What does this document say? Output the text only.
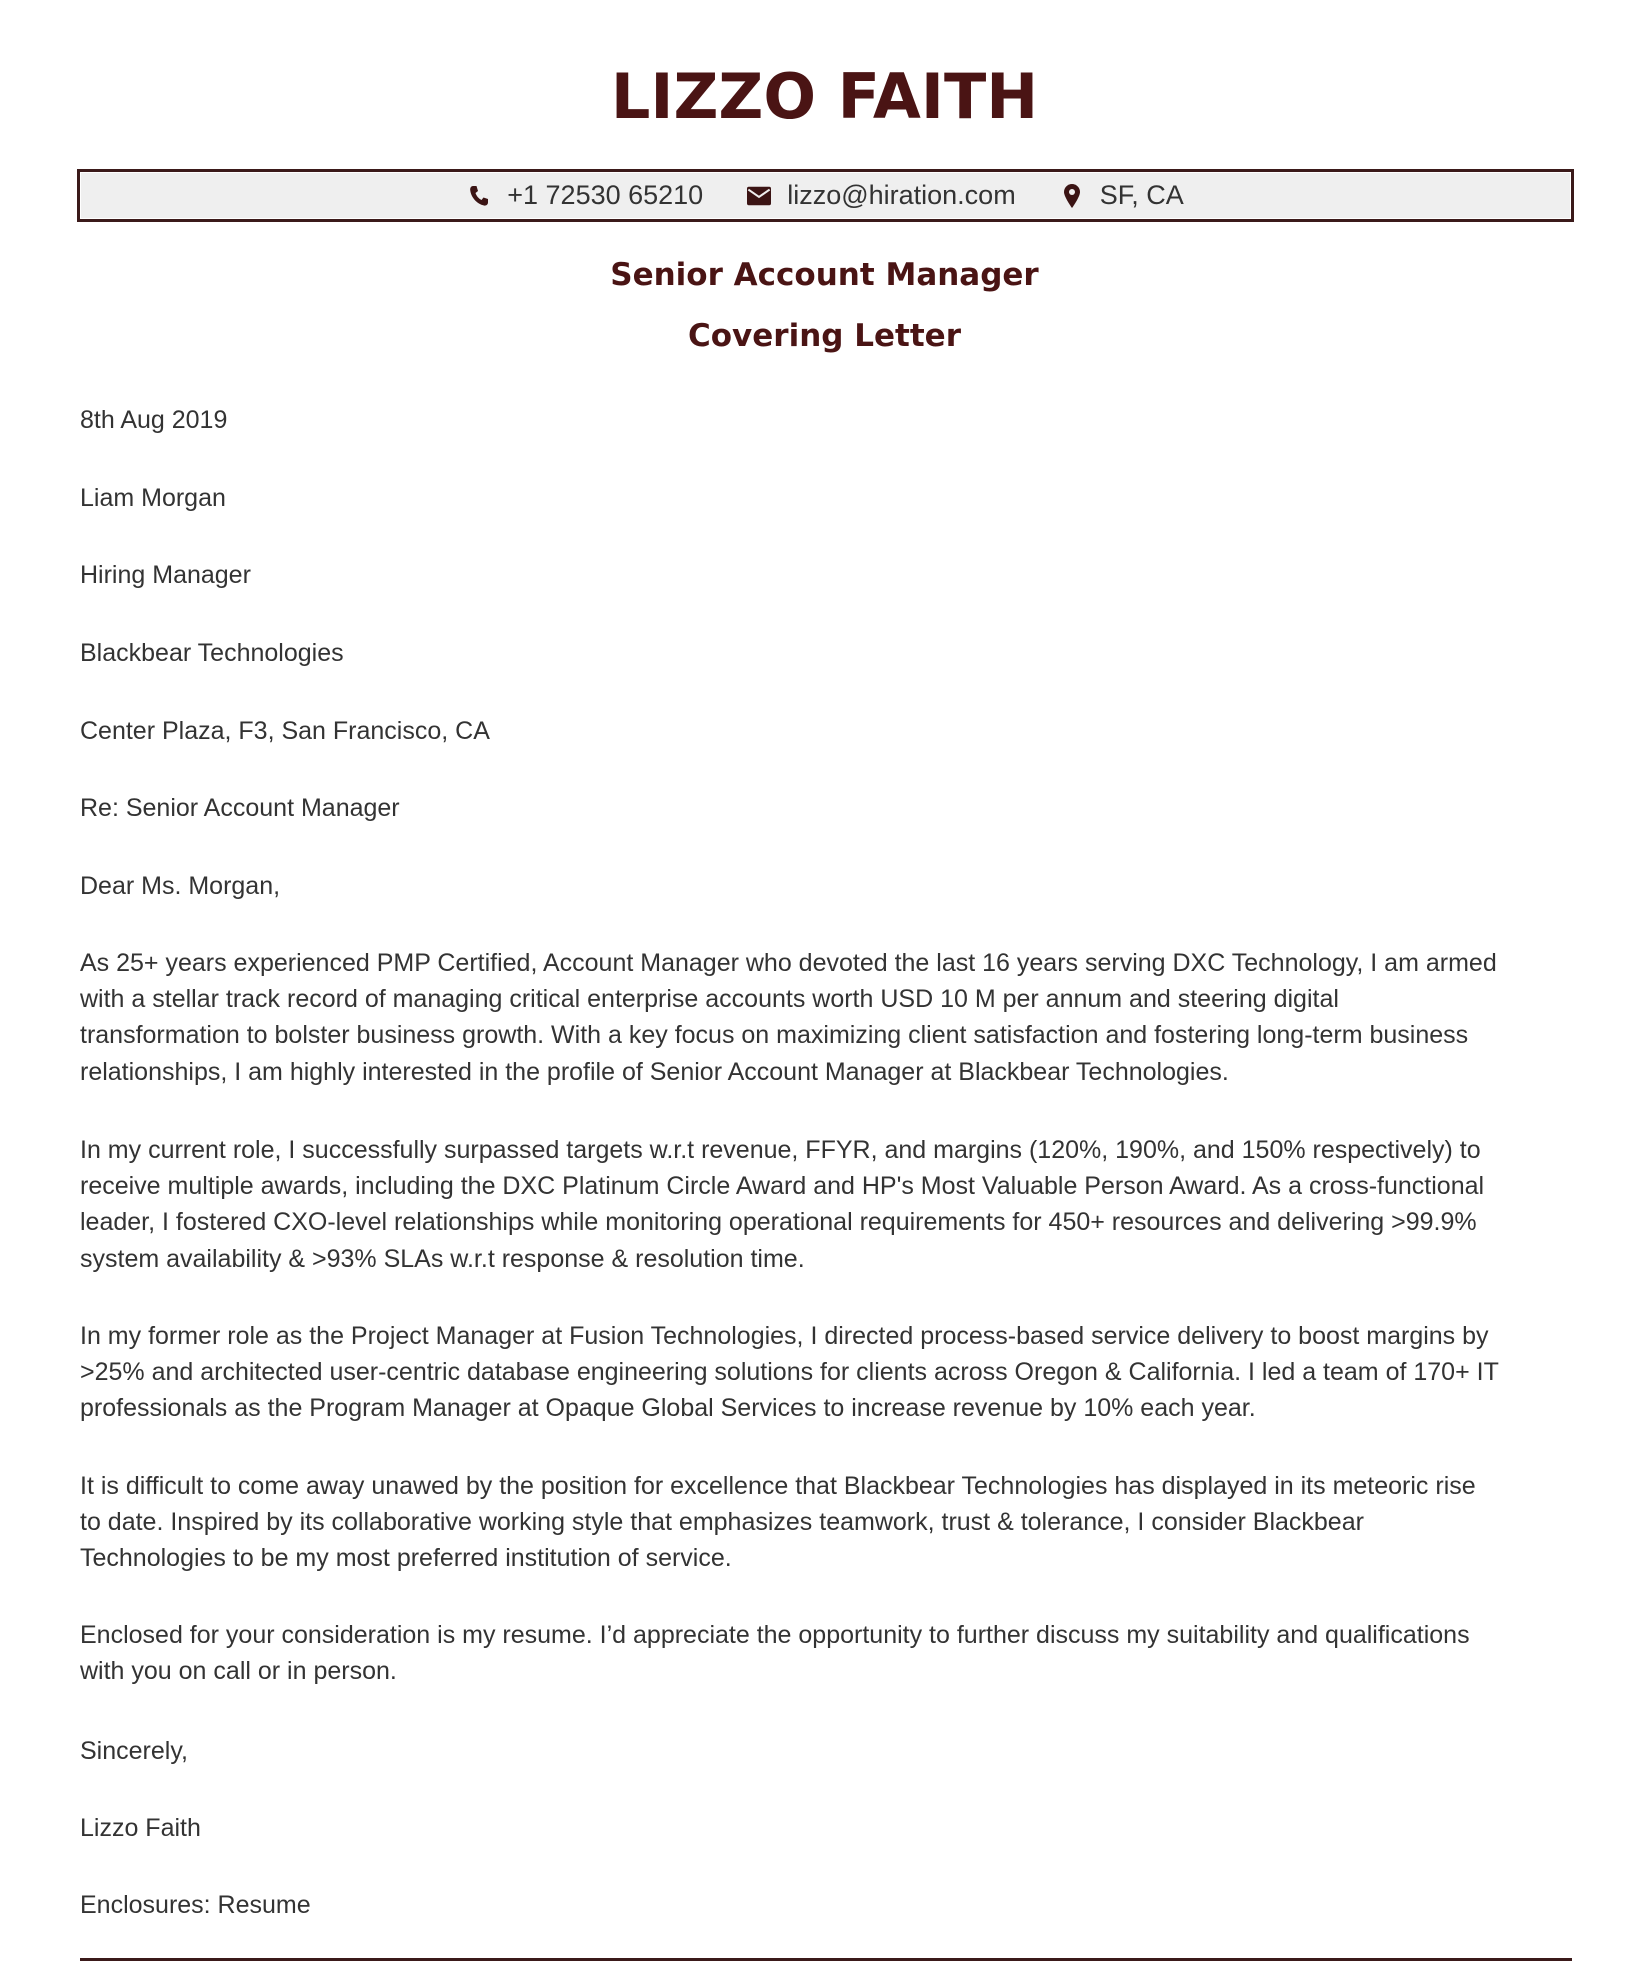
LIZZO FAITH
+1 72530 65210	lizzo@hiration.com	SF, CA
Senior Account Manager
Covering Letter
8th Aug 2019
Liam Morgan
Hiring Manager
Blackbear Technologies
Center Plaza, F3, San Francisco, CA
Re: Senior Account Manager
Dear Ms. Morgan,
As 25+ years experienced PMP Certified, Account Manager who devoted the last 16 years serving DXC Technology, I am armed
with a stellar track record of managing critical enterprise accounts worth USD 10 M per annum and steering digital
transformation to bolster business growth. With a key focus on maximizing client satisfaction and fostering long-term business
relationships, I am highly interested in the profile of Senior Account Manager at Blackbear Technologies.
In my current role, I successfully surpassed targets w.r.t revenue, FFYR, and margins (120%, 190%, and 150% respectively) to
receive multiple awards, including the DXC Platinum Circle Award and HP's Most Valuable Person Award. As a cross-functional
leader, I fostered CXO-level relationships while monitoring operational requirements for 450+ resources and delivering >99.9%
system availability & >93% SLAs w.r.t response & resolution time.
In my former role as the Project Manager at Fusion Technologies, I directed process-based service delivery to boost margins by
>25% and architected user-centric database engineering solutions for clients across Oregon & California. I led a team of 170+ IT
professionals as the Program Manager at Opaque Global Services to increase revenue by 10% each year.
It is difficult to come away unawed by the position for excellence that Blackbear Technologies has displayed in its meteoric rise
to date. Inspired by its collaborative working style that emphasizes teamwork, trust & tolerance, I consider Blackbear
Technologies to be my most preferred institution of service.
Enclosed for your consideration is my resume. I’d appreciate the opportunity to further discuss my suitability and qualifications
with you on call or in person.
Sincerely,
Lizzo Faith
Enclosures: Resume
